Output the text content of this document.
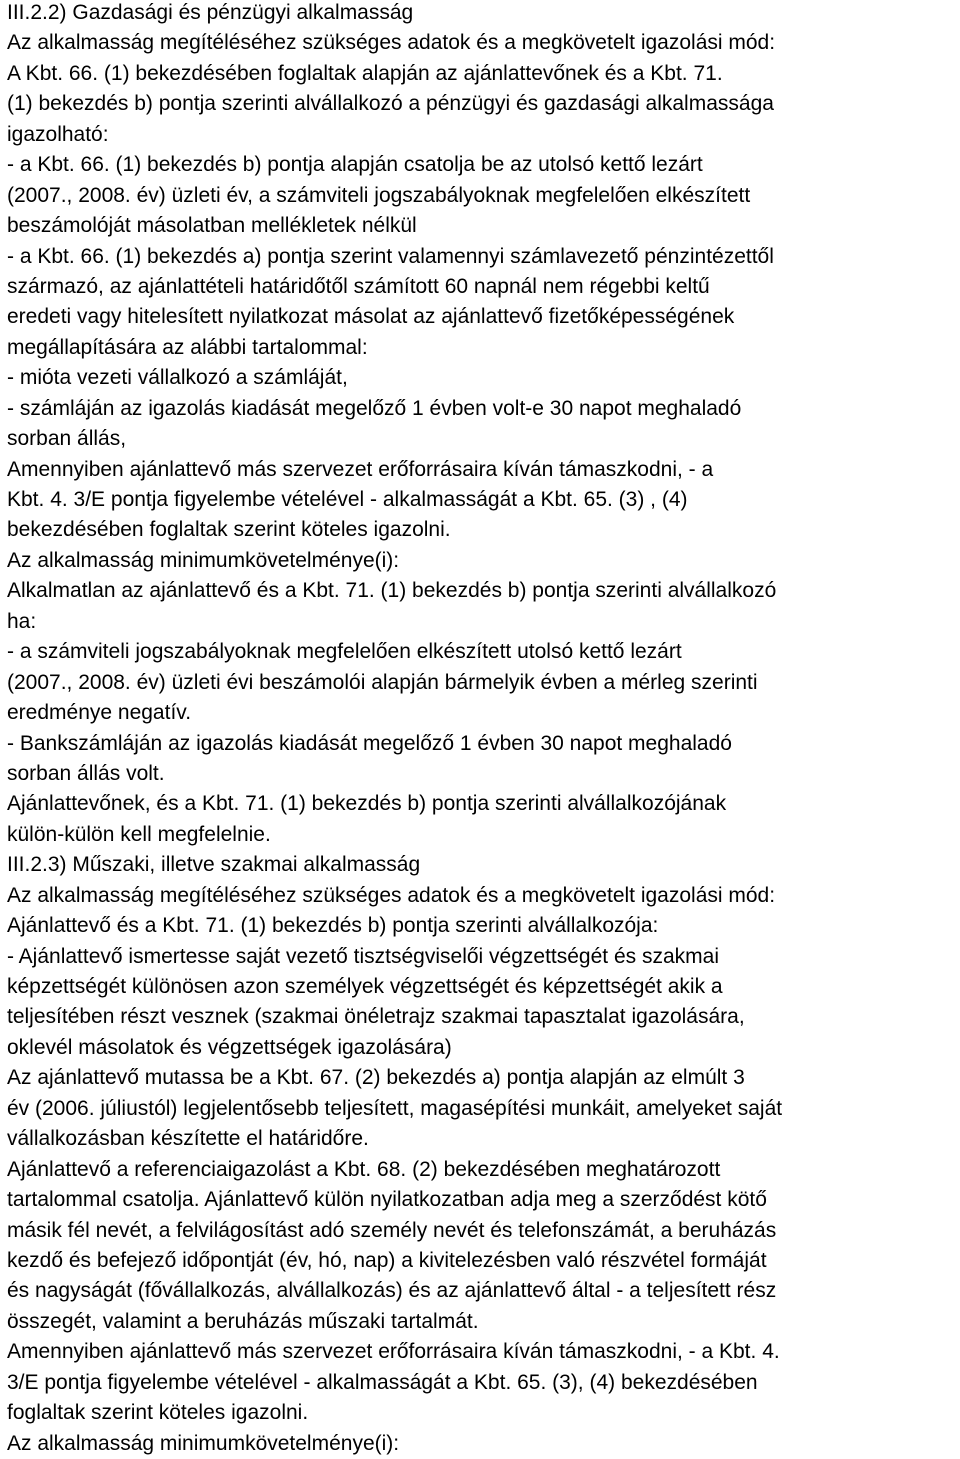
III.2.2) Gazdasági és pénzügyi alkalmasság
Az alkalmasság megítéléséhez szükséges adatok és a megkövetelt igazolási mód:
A Kbt. 66. (1) bekezdésében foglaltak alapján az ajánlattevőnek és a Kbt. 71.
(1) bekezdés b) pontja szerinti alvállalkozó a pénzügyi és gazdasági alkalmassága
igazolható:
- a Kbt. 66. (1) bekezdés b) pontja alapján csatolja be az utolsó kettő lezárt
(2007., 2008. év) üzleti év, a számviteli jogszabályoknak megfelelően elkészített
beszámolóját másolatban mellékletek nélkül
- a Kbt. 66. (1) bekezdés a) pontja szerint valamennyi számlavezető pénzintézettől
származó, az ajánlattételi határidőtől számított 60 napnál nem régebbi keltű
eredeti vagy hitelesített nyilatkozat másolat az ajánlattevő fizetőképességének
megállapítására az alábbi tartalommal:
- mióta vezeti vállalkozó a számláját,
- számláján az igazolás kiadását megelőző 1 évben volt-e 30 napot meghaladó
sorban állás,
Amennyiben ajánlattevő más szervezet erőforrásaira kíván támaszkodni, - a
Kbt. 4. 3/E pontja figyelembe vételével - alkalmasságát a Kbt. 65. (3) , (4)
bekezdésében foglaltak szerint köteles igazolni.
Az alkalmasság minimumkövetelménye(i):
Alkalmatlan az ajánlattevő és a Kbt. 71. (1) bekezdés b) pontja szerinti alvállalkozó
ha:
- a számviteli jogszabályoknak megfelelően elkészített utolsó kettő lezárt
(2007., 2008. év) üzleti évi beszámolói alapján bármelyik évben a mérleg szerinti
eredménye negatív.
- Bankszámláján az igazolás kiadását megelőző 1 évben 30 napot meghaladó
sorban állás volt.
Ajánlattevőnek, és a Kbt. 71. (1) bekezdés b) pontja szerinti alvállalkozójának
külön-külön kell megfelelnie.
III.2.3) Műszaki, illetve szakmai alkalmasság
Az alkalmasság megítéléséhez szükséges adatok és a megkövetelt igazolási mód:
Ajánlattevő és a Kbt. 71. (1) bekezdés b) pontja szerinti alvállalkozója:
- Ajánlattevő ismertesse saját vezető tisztségviselői végzettségét és szakmai
képzettségét különösen azon személyek végzettségét és képzettségét akik a
teljesítében részt vesznek (szakmai önéletrajz szakmai tapasztalat igazolására,
oklevél másolatok és végzettségek igazolására)
Az ajánlattevő mutassa be a Kbt. 67. (2) bekezdés a) pontja alapján az elmúlt 3
év (2006. júliustól) legjelentősebb teljesített, magasépítési munkáit, amelyeket saját
vállalkozásban készítette el határidőre.
Ajánlattevő a referenciaigazolást a Kbt. 68. (2) bekezdésében meghatározott
tartalommal csatolja. Ajánlattevő külön nyilatkozatban adja meg a szerződést kötő
másik fél nevét, a felvilágosítást adó személy nevét és telefonszámát, a beruházás
kezdő és befejező időpontját (év, hó, nap) a kivitelezésben való részvétel formáját
és nagyságát (fővállalkozás, alvállalkozás) és az ajánlattevő által - a teljesített rész
összegét, valamint a beruházás műszaki tartalmát.
Amennyiben ajánlattevő más szervezet erőforrásaira kíván támaszkodni, - a Kbt. 4.
3/E pontja figyelembe vételével - alkalmasságát a Kbt. 65. (3), (4) bekezdésében
foglaltak szerint köteles igazolni.
Az alkalmasság minimumkövetelménye(i):
